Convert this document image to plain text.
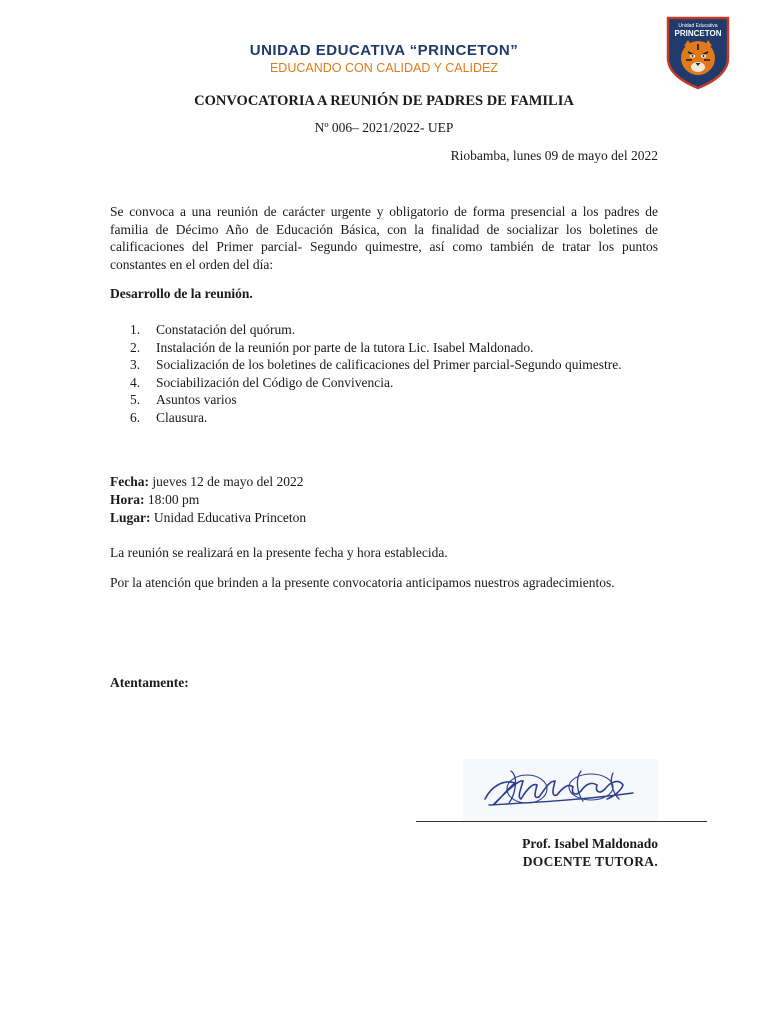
UNIDAD EDUCATIVA “PRINCETON”
EDUCANDO CON CALIDAD Y CALIDEZ
Unidad Educativa
PRINCETON
CONVOCATORIA A REUNIÓN DE PADRES DE FAMILIA
Nº 006– 2021/2022- UEP
Riobamba, lunes 09 de mayo del 2022

Se convoca a una reunión de carácter urgente y obligatorio de forma presencial a los padres de familia de Décimo Año de Educación Básica, con la finalidad de socializar los boletines de calificaciones del Primer parcial- Segundo quimestre, así como también de tratar los puntos constantes en el orden del día:

Desarrollo de la reunión.
1. Constatación del quórum.
2. Instalación de la reunión por parte de la tutora Lic. Isabel Maldonado.
3. Socialización de los boletines de calificaciones del Primer parcial-Segundo quimestre.
4. Sociabilización del Código de Convivencia.
5. Asuntos varios
6. Clausura.
Fecha: jueves 12 de mayo del 2022
Hora: 18:00 pm
Lugar: Unidad Educativa Princeton

La reunión se realizará en la presente fecha y hora establecida.

Por la atención que brinden a la presente convocatoria anticipamos nuestros agradecimientos.

Atentamente:
Prof. Isabel Maldonado
DOCENTE TUTORA.
